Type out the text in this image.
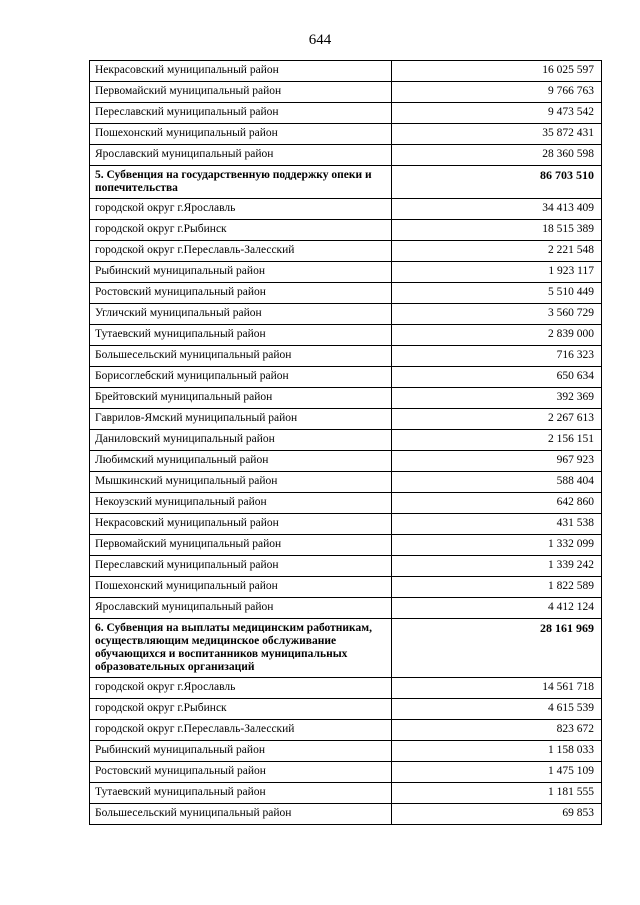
644
Некрасовский муниципальный район	16 025 597
Первомайский муниципальный район	9 766 763
Переславский муниципальный район	9 473 542
Пошехонский муниципальный район	35 872 431
Ярославский муниципальный район	28 360 598
5. Субвенция на государственную поддержку опеки и попечительства	86 703 510
городской округ г.Ярославль	34 413 409
городской округ г.Рыбинск	18 515 389
городской округ г.Переславль-Залесский	2 221 548
Рыбинский муниципальный район	1 923 117
Ростовский муниципальный район	5 510 449
Угличский муниципальный район	3 560 729
Тутаевский муниципальный район	2 839 000
Большесельский муниципальный район	716 323
Борисоглебский муниципальный район	650 634
Брейтовский муниципальный район	392 369
Гаврилов-Ямский муниципальный район	2 267 613
Даниловский муниципальный район	2 156 151
Любимский муниципальный район	967 923
Мышкинский муниципальный район	588 404
Некоузский муниципальный район	642 860
Некрасовский муниципальный район	431 538
Первомайский муниципальный район	1 332 099
Переславский муниципальный район	1 339 242
Пошехонский муниципальный район	1 822 589
Ярославский муниципальный район	4 412 124
6. Субвенция на выплаты медицинским работникам, осуществляющим медицинское обслуживание обучающихся и воспитанников муниципальных образовательных организаций	28 161 969
городской округ г.Ярославль	14 561 718
городской округ г.Рыбинск	4 615 539
городской округ г.Переславль-Залесский	823 672
Рыбинский муниципальный район	1 158 033
Ростовский муниципальный район	1 475 109
Тутаевский муниципальный район	1 181 555
Большесельский муниципальный район	69 853
